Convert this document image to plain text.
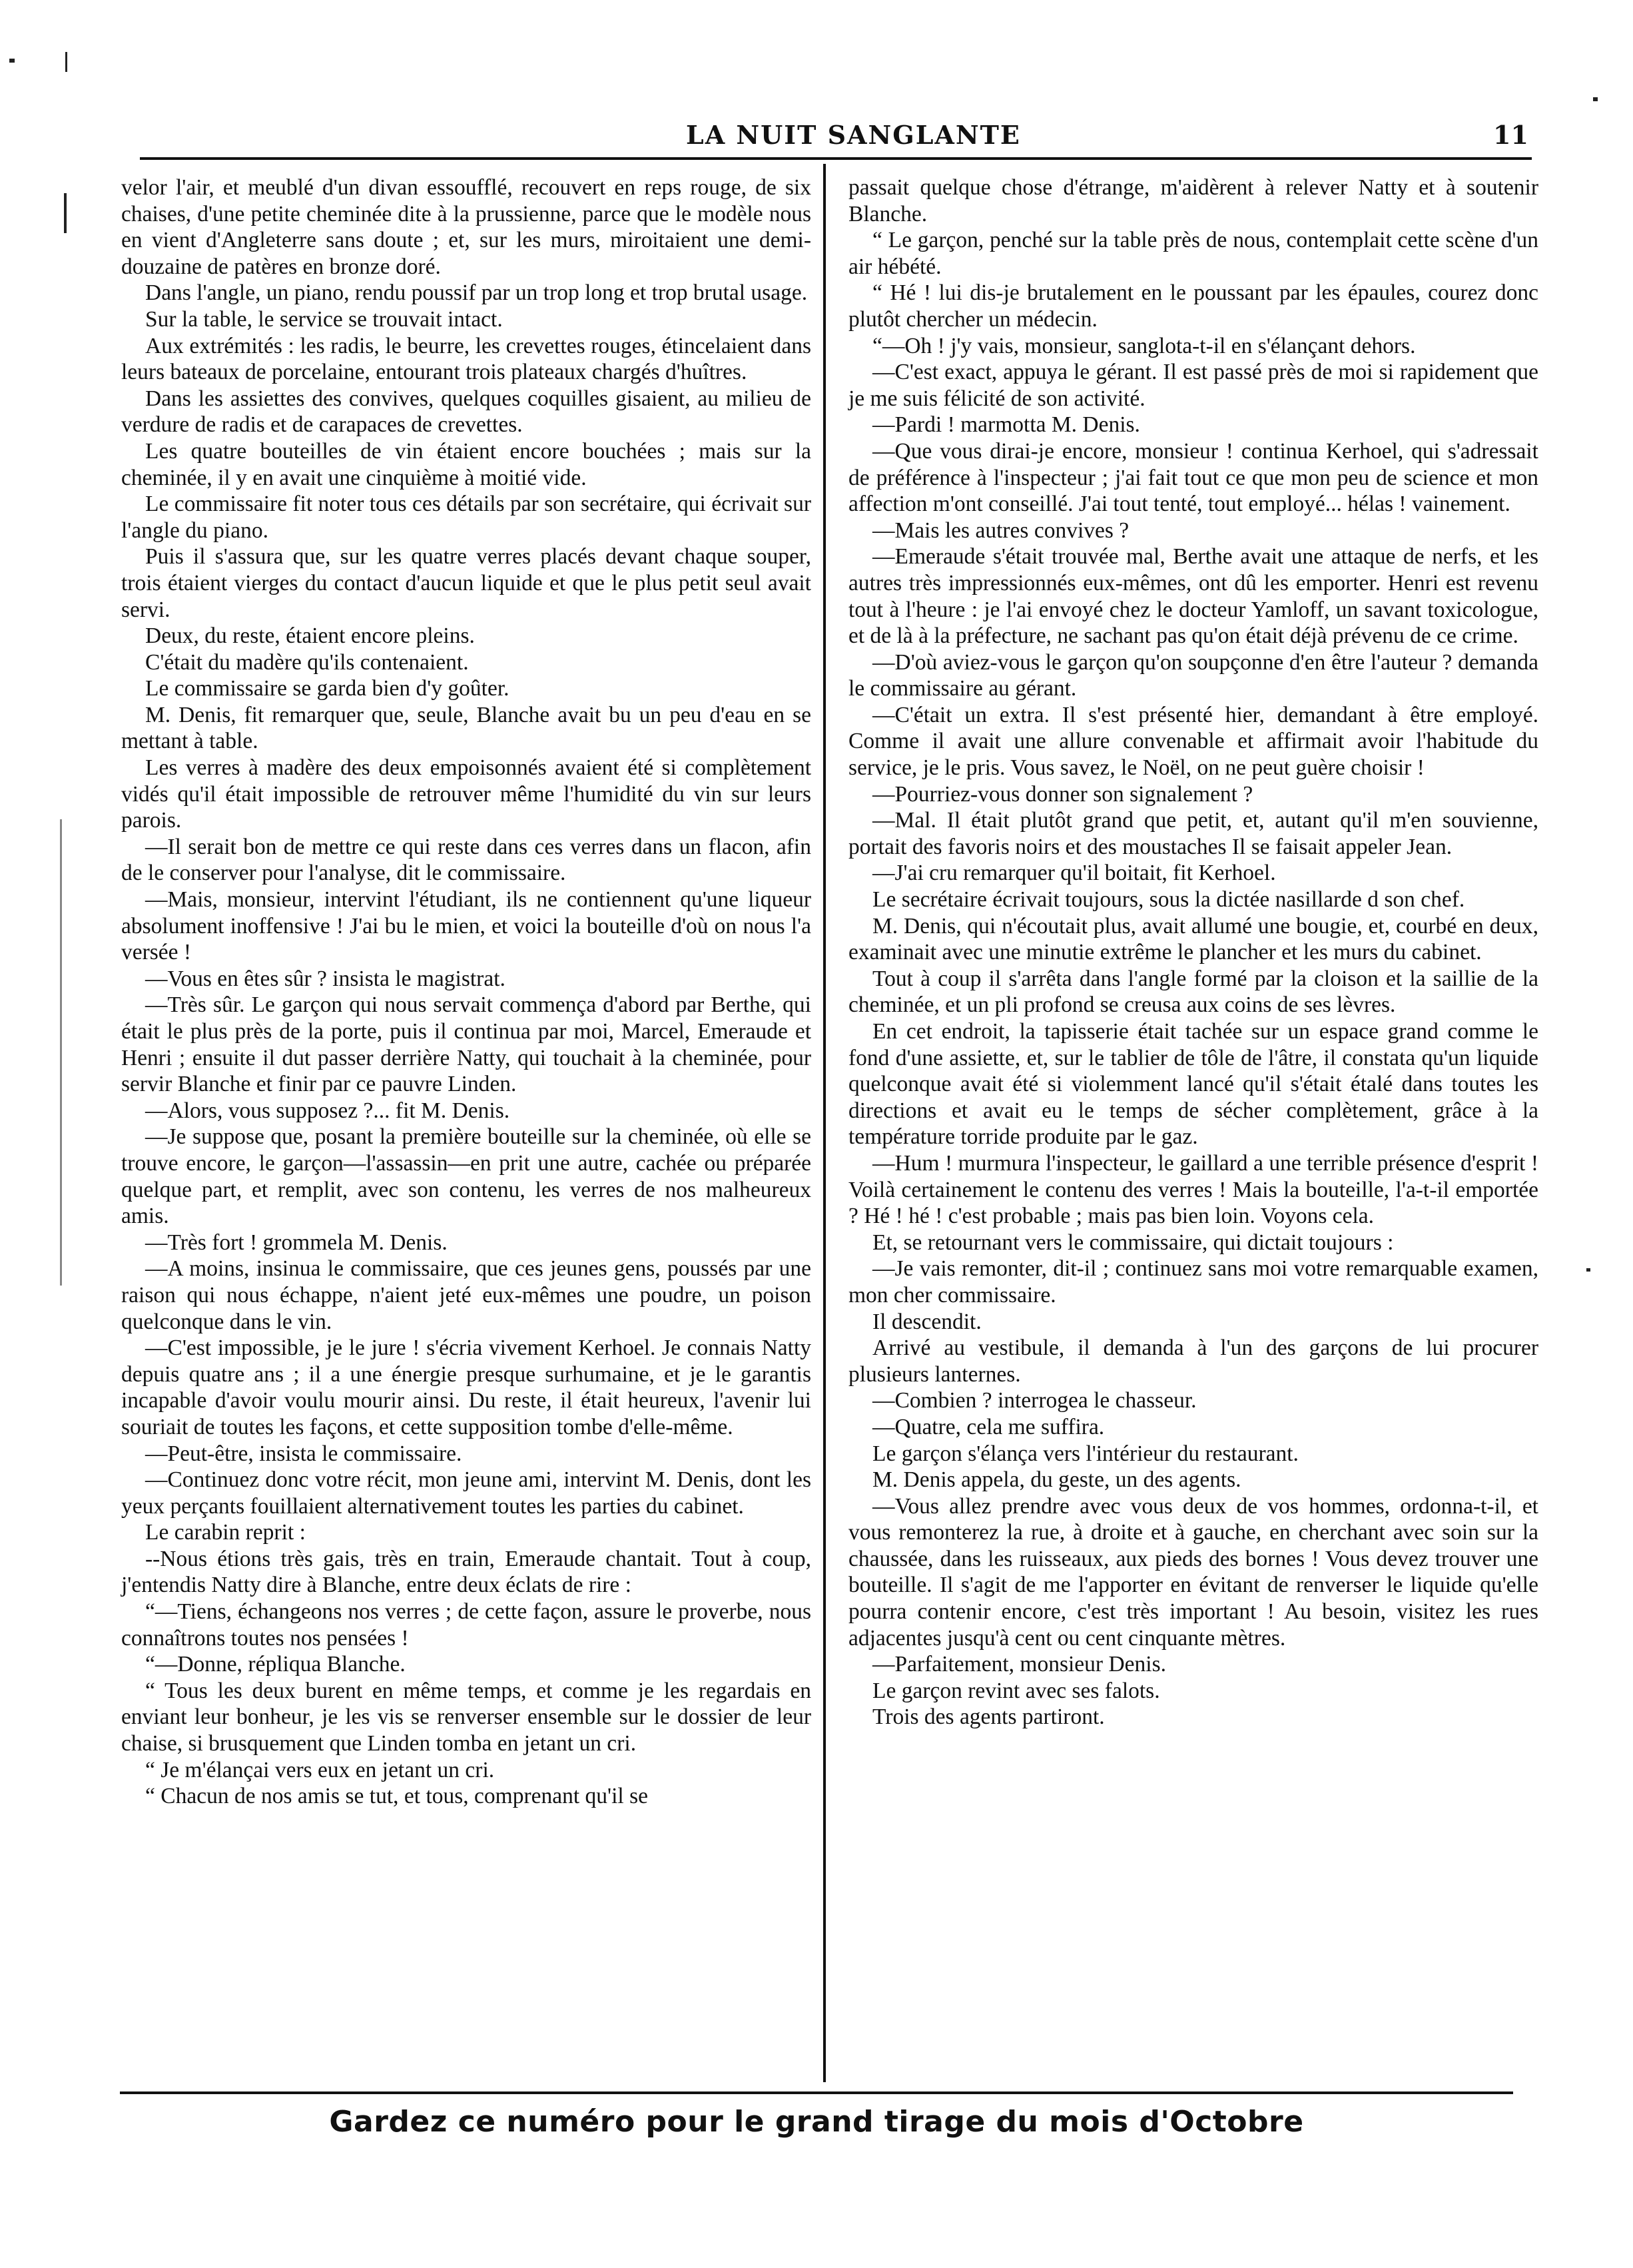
LA NUIT SANGLANTE	11

velor l'air, et meublé d'un divan essoufflé, recouvert en reps rouge, de six chaises, d'une petite cheminée dite à la prussienne, parce que le modèle nous en vient d'Angleterre sans doute ; et, sur les murs, miroitaient une demi-douzaine de patères en bronze doré.

Dans l'angle, un piano, rendu poussif par un trop long et trop brutal usage.

Sur la table, le service se trouvait intact.

Aux extrémités : les radis, le beurre, les crevettes rouges, étincelaient dans leurs bateaux de porcelaine, entourant trois plateaux chargés d'huîtres.

Dans les assiettes des convives, quelques coquilles gisaient, au milieu de verdure de radis et de carapaces de crevettes.

Les quatre bouteilles de vin étaient encore bouchées ; mais sur la cheminée, il y en avait une cinquième à moitié vide.

Le commissaire fit noter tous ces détails par son secrétaire, qui écrivait sur l'angle du piano.

Puis il s'assura que, sur les quatre verres placés devant chaque souper, trois étaient vierges du contact d'aucun liquide et que le plus petit seul avait servi.

Deux, du reste, étaient encore pleins.

C'était du madère qu'ils contenaient.

Le commissaire se garda bien d'y goûter.

M. Denis, fit remarquer que, seule, Blanche avait bu un peu d'eau en se mettant à table.

Les verres à madère des deux empoisonnés avaient été si complètement vidés qu'il était impossible de retrouver même l'humidité du vin sur leurs parois.

—Il serait bon de mettre ce qui reste dans ces verres dans un flacon, afin de le conserver pour l'analyse, dit le commissaire.

—Mais, monsieur, intervint l'étudiant, ils ne contiennent qu'une liqueur absolument inoffensive ! J'ai bu le mien, et voici la bouteille d'où on nous l'a versée !

—Vous en êtes sûr ? insista le magistrat.

—Très sûr. Le garçon qui nous servait commença d'abord par Berthe, qui était le plus près de la porte, puis il continua par moi, Marcel, Emeraude et Henri ; ensuite il dut passer derrière Natty, qui touchait à la cheminée, pour servir Blanche et finir par ce pauvre Linden.

—Alors, vous supposez ?... fit M. Denis.

—Je suppose que, posant la première bouteille sur la cheminée, où elle se trouve encore, le garçon—l'assassin—en prit une autre, cachée ou préparée quelque part, et remplit, avec son contenu, les verres de nos malheureux amis.

—Très fort ! grommela M. Denis.

—A moins, insinua le commissaire, que ces jeunes gens, poussés par une raison qui nous échappe, n'aient jeté eux-mêmes une poudre, un poison quelconque dans le vin.

—C'est impossible, je le jure ! s'écria vivement Kerhoel. Je connais Natty depuis quatre ans ; il a une énergie presque surhumaine, et je le garantis incapable d'avoir voulu mourir ainsi. Du reste, il était heureux, l'avenir lui souriait de toutes les façons, et cette supposition tombe d'elle-même.

—Peut-être, insista le commissaire.

—Continuez donc votre récit, mon jeune ami, intervint M. Denis, dont les yeux perçants fouillaient alternativement toutes les parties du cabinet.

Le carabin reprit :

--Nous étions très gais, très en train, Emeraude chantait. Tout à coup, j'entendis Natty dire à Blanche, entre deux éclats de rire :

“—Tiens, échangeons nos verres ; de cette façon, assure le proverbe, nous connaîtrons toutes nos pensées !

“—Donne, répliqua Blanche.

“ Tous les deux burent en même temps, et comme je les regardais en enviant leur bonheur, je les vis se renverser ensemble sur le dossier de leur chaise, si brusquement que Linden tomba en jetant un cri.

“ Je m'élançai vers eux en jetant un cri.

“ Chacun de nos amis se tut, et tous, comprenant qu'il se

passait quelque chose d'étrange, m'aidèrent à relever Natty et à soutenir Blanche.

“ Le garçon, penché sur la table près de nous, contemplait cette scène d'un air hébété.

“ Hé ! lui dis-je brutalement en le poussant par les épaules, courez donc plutôt chercher un médecin.

“—Oh ! j'y vais, monsieur, sanglota-t-il en s'élançant dehors.

—C'est exact, appuya le gérant. Il est passé près de moi si rapidement que je me suis félicité de son activité.

—Pardi ! marmotta M. Denis.

—Que vous dirai-je encore, monsieur ! continua Kerhoel, qui s'adressait de préférence à l'inspecteur ; j'ai fait tout ce que mon peu de science et mon affection m'ont conseillé. J'ai tout tenté, tout employé... hélas ! vainement.

—Mais les autres convives ?

—Emeraude s'était trouvée mal, Berthe avait une attaque de nerfs, et les autres très impressionnés eux-mêmes, ont dû les emporter. Henri est revenu tout à l'heure : je l'ai envoyé chez le docteur Yamloff, un savant toxicologue, et de là à la préfecture, ne sachant pas qu'on était déjà prévenu de ce crime.

—D'où aviez-vous le garçon qu'on soupçonne d'en être l'auteur ? demanda le commissaire au gérant.

—C'était un extra. Il s'est présenté hier, demandant à être employé. Comme il avait une allure convenable et affirmait avoir l'habitude du service, je le pris. Vous savez, le Noël, on ne peut guère choisir !

—Pourriez-vous donner son signalement ?

—Mal. Il était plutôt grand que petit, et, autant qu'il m'en souvienne, portait des favoris noirs et des moustaches Il se faisait appeler Jean.

—J'ai cru remarquer qu'il boitait, fit Kerhoel.

Le secrétaire écrivait toujours, sous la dictée nasillarde d son chef.

M. Denis, qui n'écoutait plus, avait allumé une bougie, et, courbé en deux, examinait avec une minutie extrême le plancher et les murs du cabinet.

Tout à coup il s'arrêta dans l'angle formé par la cloison et la saillie de la cheminée, et un pli profond se creusa aux coins de ses lèvres.

En cet endroit, la tapisserie était tachée sur un espace grand comme le fond d'une assiette, et, sur le tablier de tôle de l'âtre, il constata qu'un liquide quelconque avait été si violemment lancé qu'il s'était étalé dans toutes les directions et avait eu le temps de sécher complètement, grâce à la température torride produite par le gaz.

—Hum ! murmura l'inspecteur, le gaillard a une terrible présence d'esprit ! Voilà certainement le contenu des verres ! Mais la bouteille, l'a-t-il emportée ? Hé ! hé ! c'est probable ; mais pas bien loin. Voyons cela.

Et, se retournant vers le commissaire, qui dictait toujours :

—Je vais remonter, dit-il ; continuez sans moi votre remarquable examen, mon cher commissaire.

Il descendit.

Arrivé au vestibule, il demanda à l'un des garçons de lui procurer plusieurs lanternes.

—Combien ? interrogea le chasseur.

—Quatre, cela me suffira.

Le garçon s'élança vers l'intérieur du restaurant.

M. Denis appela, du geste, un des agents.

—Vous allez prendre avec vous deux de vos hommes, ordonna-t-il, et vous remonterez la rue, à droite et à gauche, en cherchant avec soin sur la chaussée, dans les ruisseaux, aux pieds des bornes ! Vous devez trouver une bouteille. Il s'agit de me l'apporter en évitant de renverser le liquide qu'elle pourra contenir encore, c'est très important ! Au besoin, visitez les rues adjacentes jusqu'à cent ou cent cinquante mètres.

—Parfaitement, monsieur Denis.

Le garçon revint avec ses falots.

Trois des agents partiront.

Gardez ce numéro pour le grand tirage du mois d'Octobre
